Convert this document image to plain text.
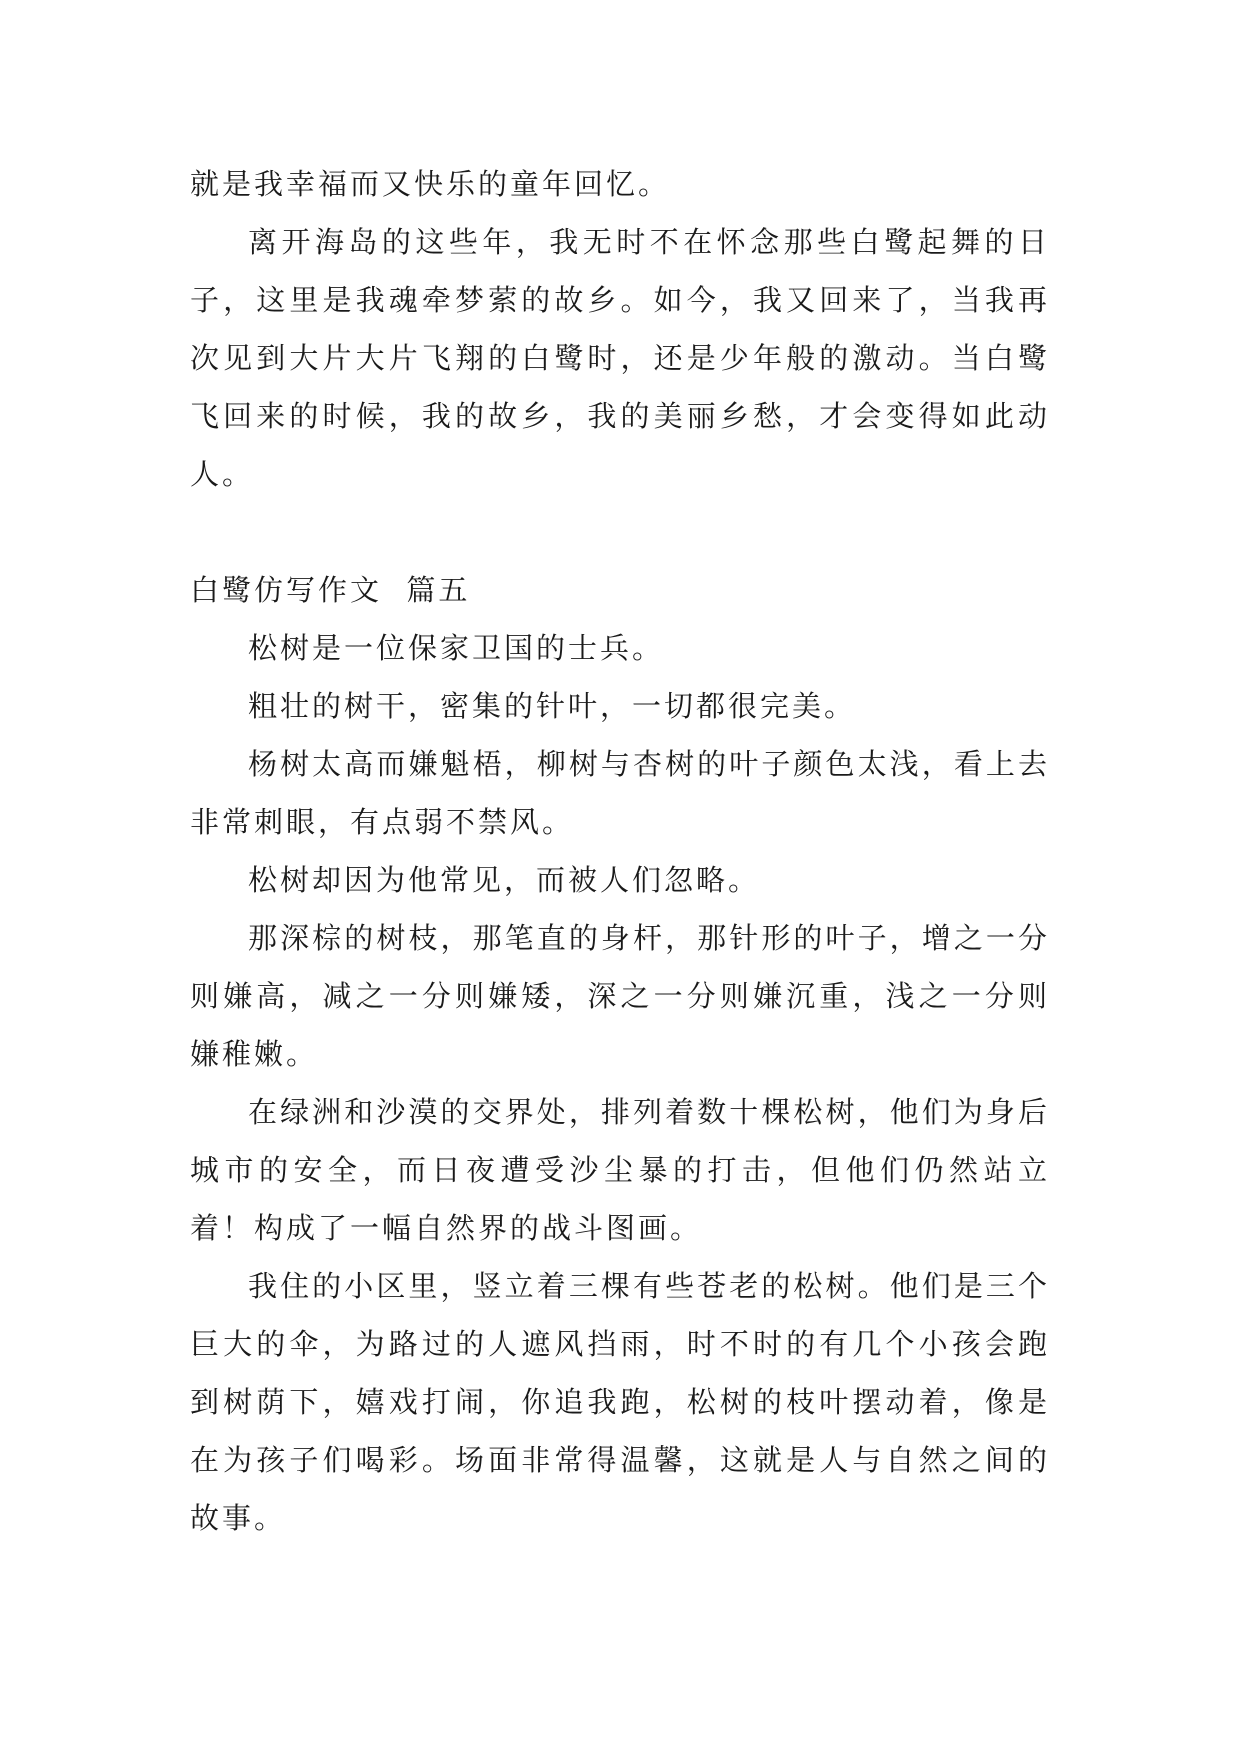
就是我幸福而又快乐的童年回忆。

离开海岛的这些年，我无时不在怀念那些白鹭起舞的日子，这里是我魂牵梦萦的故乡。如今，我又回来了，当我再次见到大片大片飞翔的白鹭时，还是少年般的激动。当白鹭飞回来的时候，我的故乡，我的美丽乡愁，才会变得如此动人。

白鹭仿写作文  篇五

松树是一位保家卫国的士兵。

粗壮的树干，密集的针叶，一切都很完美。

杨树太高而嫌魁梧，柳树与杏树的叶子颜色太浅，看上去非常刺眼，有点弱不禁风。

松树却因为他常见，而被人们忽略。

那深棕的树枝，那笔直的身杆，那针形的叶子，增之一分则嫌高，减之一分则嫌矮，深之一分则嫌沉重，浅之一分则嫌稚嫩。

在绿洲和沙漠的交界处，排列着数十棵松树，他们为身后城市的安全，而日夜遭受沙尘暴的打击，但他们仍然站立着！构成了一幅自然界的战斗图画。

我住的小区里，竖立着三棵有些苍老的松树。他们是三个巨大的伞，为路过的人遮风挡雨，时不时的有几个小孩会跑到树荫下，嬉戏打闹，你追我跑，松树的枝叶摆动着，像是在为孩子们喝彩。场面非常得温馨，这就是人与自然之间的故事。
